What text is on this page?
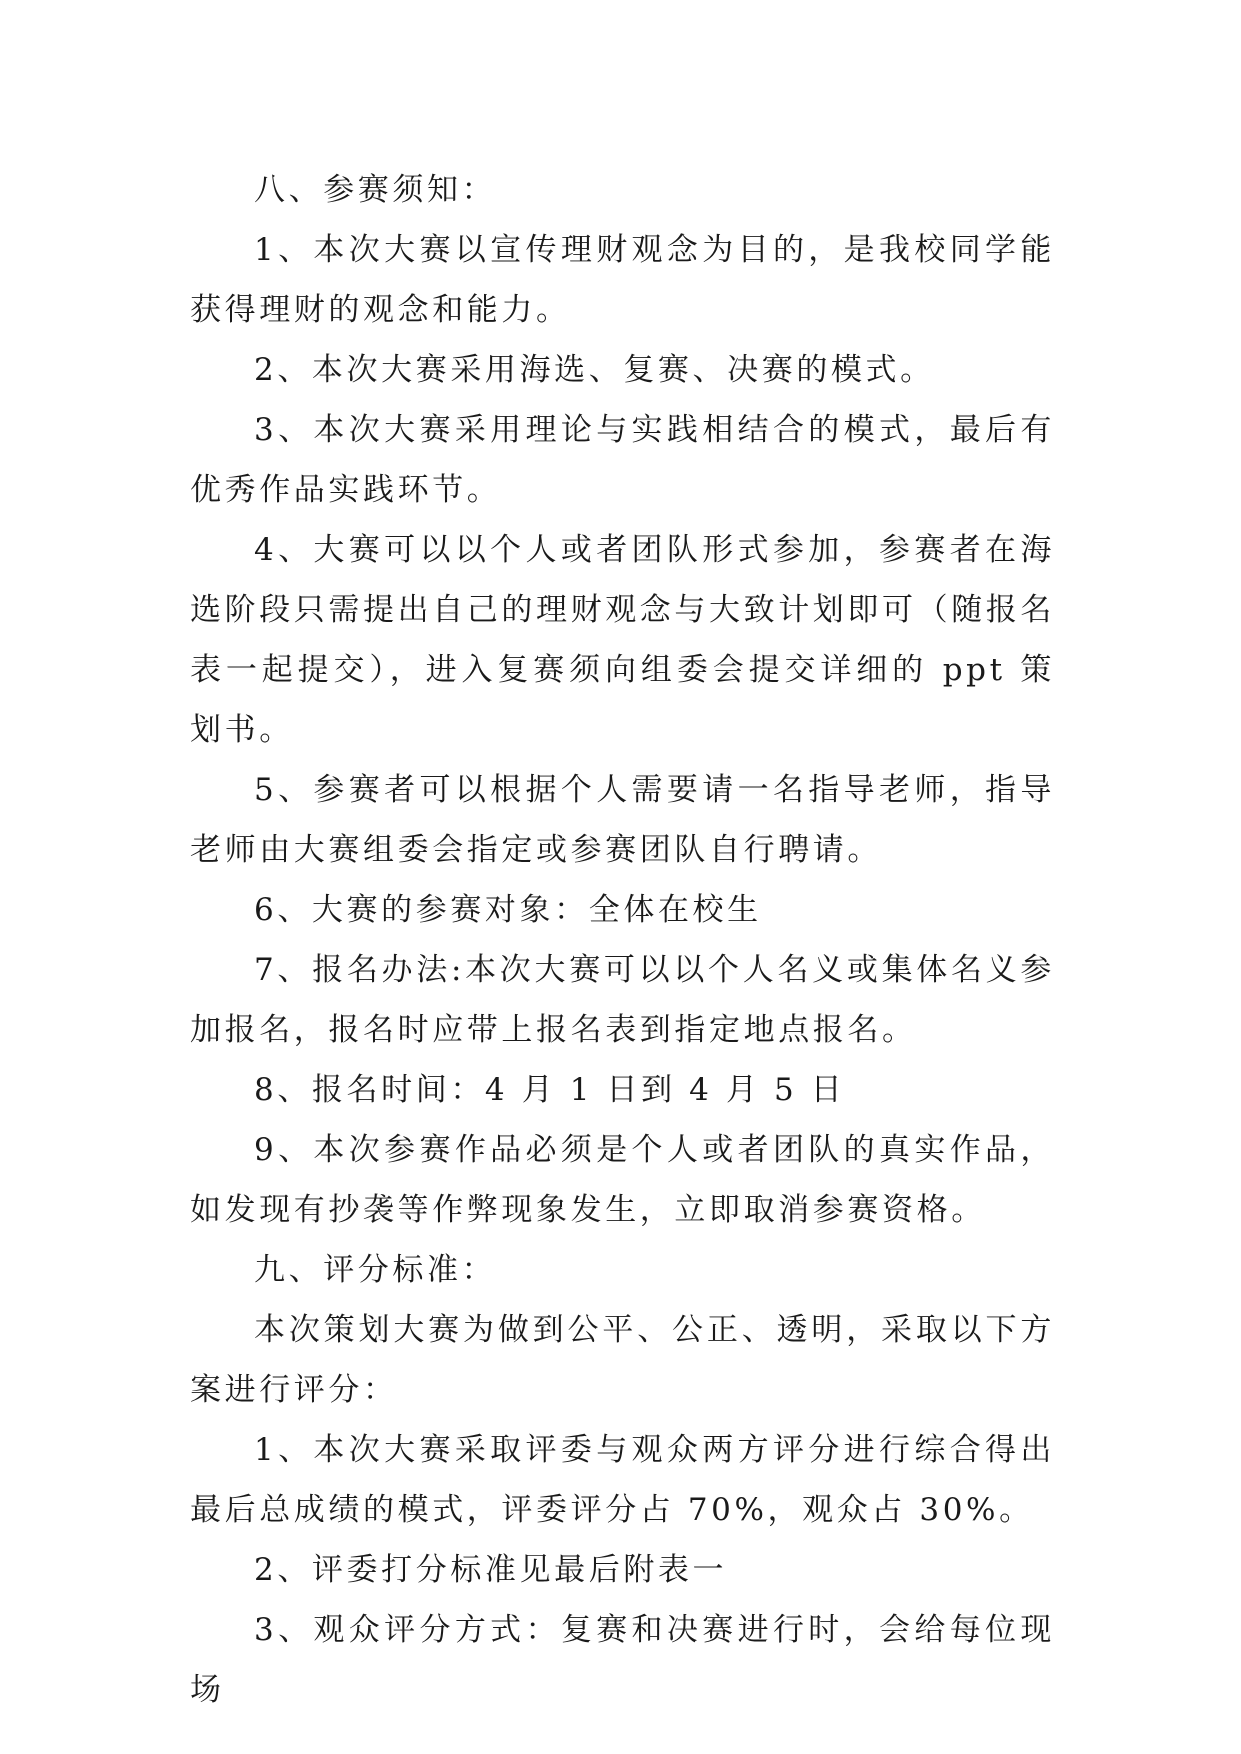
八、参赛须知：

1、本次大赛以宣传理财观念为目的，是我校同学能获得理财的观念和能力。

2、本次大赛采用海选、复赛、决赛的模式。

3、本次大赛采用理论与实践相结合的模式，最后有优秀作品实践环节。

4、大赛可以以个人或者团队形式参加，参赛者在海选阶段只需提出自己的理财观念与大致计划即可（随报名表一起提交），进入复赛须向组委会提交详细的 ppt 策划书。

5、参赛者可以根据个人需要请一名指导老师，指导老师由大赛组委会指定或参赛团队自行聘请。

6、大赛的参赛对象：全体在校生

7、报名办法:本次大赛可以以个人名义或集体名义参加报名，报名时应带上报名表到指定地点报名。

8、报名时间：4 月 1 日到 4 月 5 日

9、本次参赛作品必须是个人或者团队的真实作品，如发现有抄袭等作弊现象发生，立即取消参赛资格。

九、评分标准：

本次策划大赛为做到公平、公正、透明，采取以下方案进行评分：

1、本次大赛采取评委与观众两方评分进行综合得出最后总成绩的模式，评委评分占 70%，观众占 30%。

2、评委打分标准见最后附表一

3、观众评分方式：复赛和决赛进行时，会给每位现场
